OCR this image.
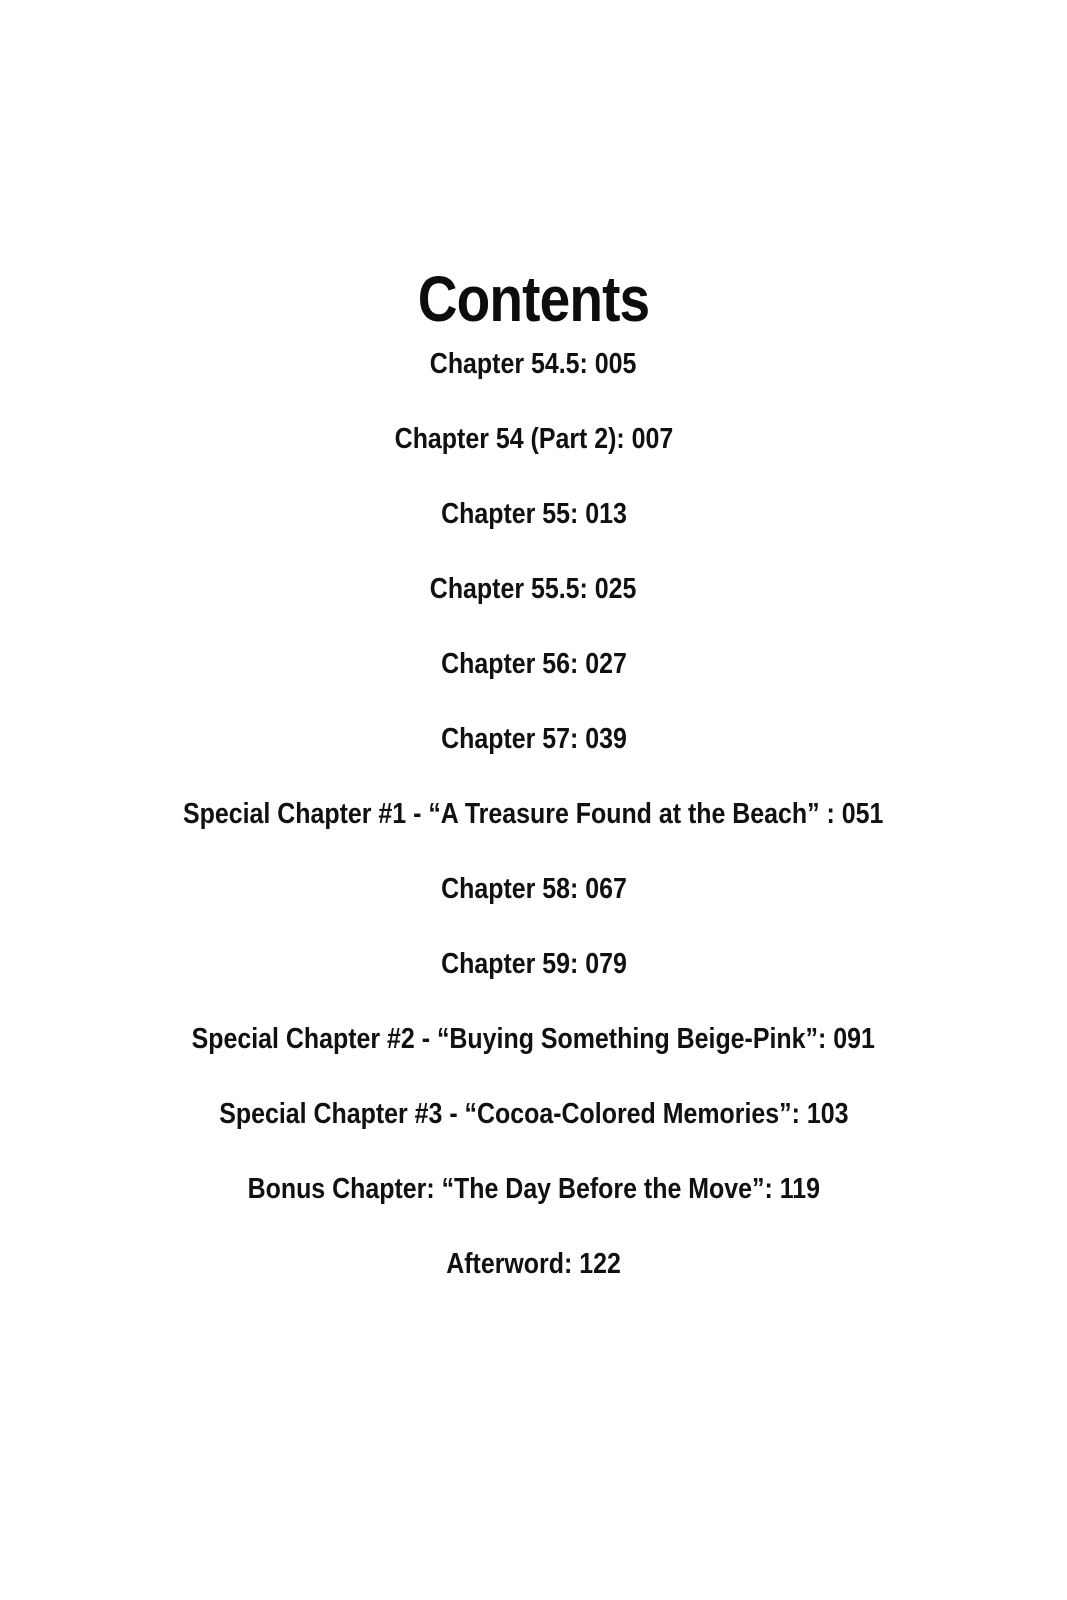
Contents
Chapter 54.5: 005
Chapter 54 (Part 2): 007
Chapter 55: 013
Chapter 55.5: 025
Chapter 56: 027
Chapter 57: 039
Special Chapter #1 - “A Treasure Found at the Beach” : 051
Chapter 58: 067
Chapter 59: 079
Special Chapter #2 - “Buying Something Beige-Pink”: 091
Special Chapter #3 - “Cocoa-Colored Memories”: 103
Bonus Chapter: “The Day Before the Move”: 119
Afterword: 122
